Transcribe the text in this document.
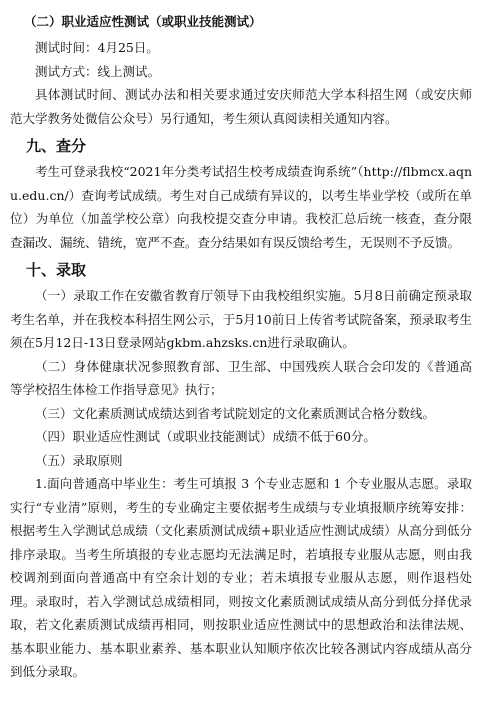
（二）职业适应性测试（或职业技能测试）

测试时间：4月25日。

测试方式：线上测试。

具体测试时间、测试办法和相关要求通过安庆师范大学本科招生网（或安庆师范大学教务处微信公众号）另行通知，考生须认真阅读相关通知内容。

九、查分

考生可登录我校“2021年分类考试招生校考成绩查询系统”（http://flbmcx.aqnu.edu.cn/）查询考试成绩。考生对自己成绩有异议的，以考生毕业学校（或所在单位）为单位（加盖学校公章）向我校提交查分申请。我校汇总后统一核查，查分限查漏改、漏统、错统，宽严不查。查分结果如有误反馈给考生，无误则不予反馈。

十、录取

（一）录取工作在安徽省教育厅领导下由我校组织实施。5月8日前确定预录取考生名单，并在我校本科招生网公示，于5月10前日上传省考试院备案，预录取考生须在5月12日-13日登录网站gkbm.ahzsks.cn进行录取确认。

（二）身体健康状况参照教育部、卫生部、中国残疾人联合会印发的《普通高等学校招生体检工作指导意见》执行；

（三）文化素质测试成绩达到省考试院划定的文化素质测试合格分数线。

（四）职业适应性测试（或职业技能测试）成绩不低于60分。

（五）录取原则

1.面向普通高中毕业生：考生可填报 3 个专业志愿和 1 个专业服从志愿。录取实行“专业清”原则，考生的专业确定主要依据考生成绩与专业填报顺序统筹安排：根据考生入学测试总成绩（文化素质测试成绩+职业适应性测试成绩）从高分到低分排序录取。当考生所填报的专业志愿均无法满足时，若填报专业服从志愿，则由我校调剂到面向普通高中有空余计划的专业；若未填报专业服从志愿，则作退档处理。录取时，若入学测试总成绩相同，则按文化素质测试成绩从高分到低分择优录取，若文化素质测试成绩再相同，则按职业适应性测试中的思想政治和法律法规、基本职业能力、基本职业素养、基本职业认知顺序依次比较各测试内容成绩从高分到低分录取。
